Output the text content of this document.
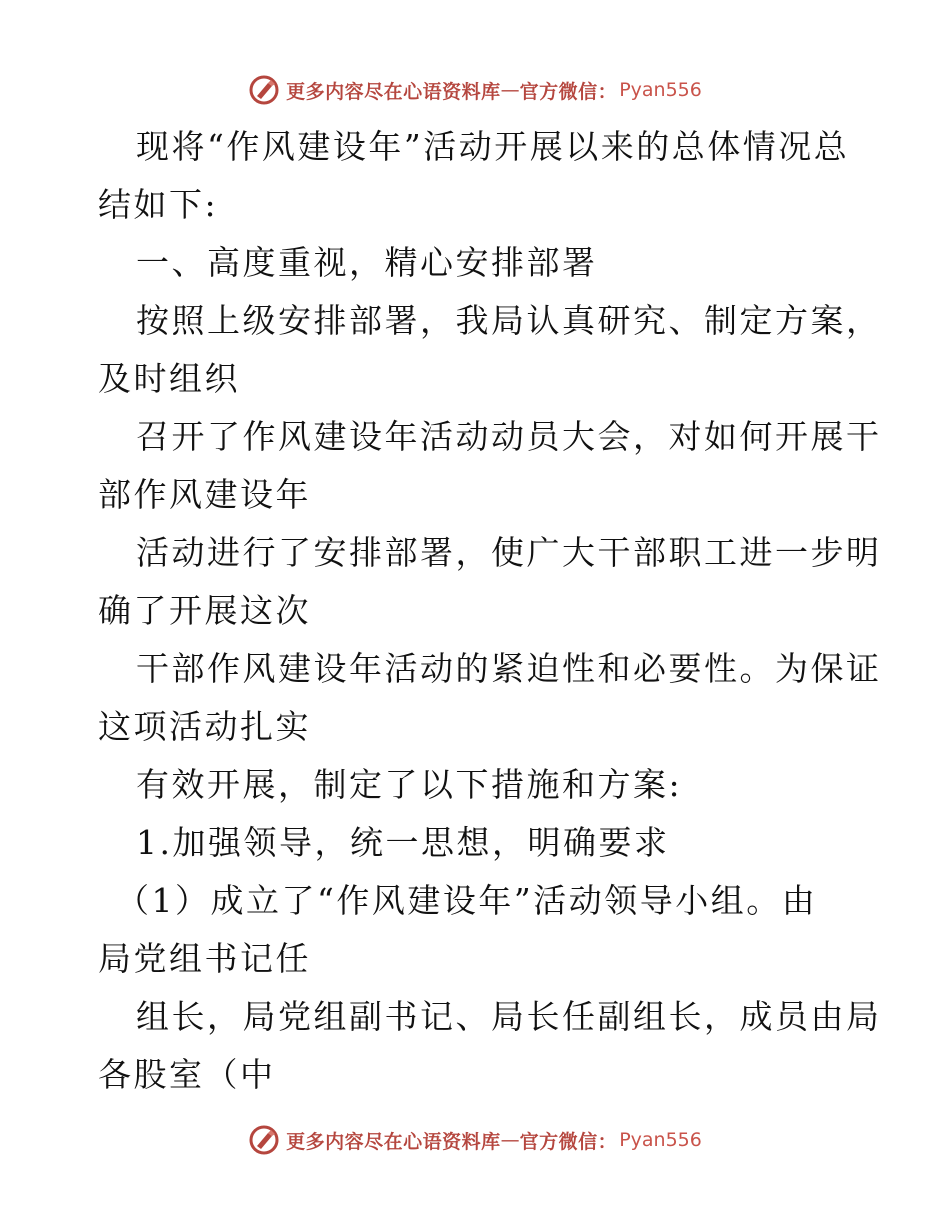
更多内容尽在心语资料库 — 官方微信： Pyan556
现将“作风建设年”活动开展以来的总体情况总
结如下:
一、高度重视，精心安排部署
按照上级安排部署，我局认真研究、制定方案，
及时组织
召开了作风建设年活动动员大会，对如何开展干
部作风建设年
活动进行了安排部署，使广大干部职工进一步明
确了开展这次
干部作风建设年活动的紧迫性和必要性。为保证
这项活动扎实
有效开展，制定了以下措施和方案:
1.加强领导，统一思想，明确要求
（1）成立了“作风建设年”活动领导小组。由
局党组书记任
组长，局党组副书记、局长任副组长，成员由局
各股室（中
更多内容尽在心语资料库 — 官方微信： Pyan556
